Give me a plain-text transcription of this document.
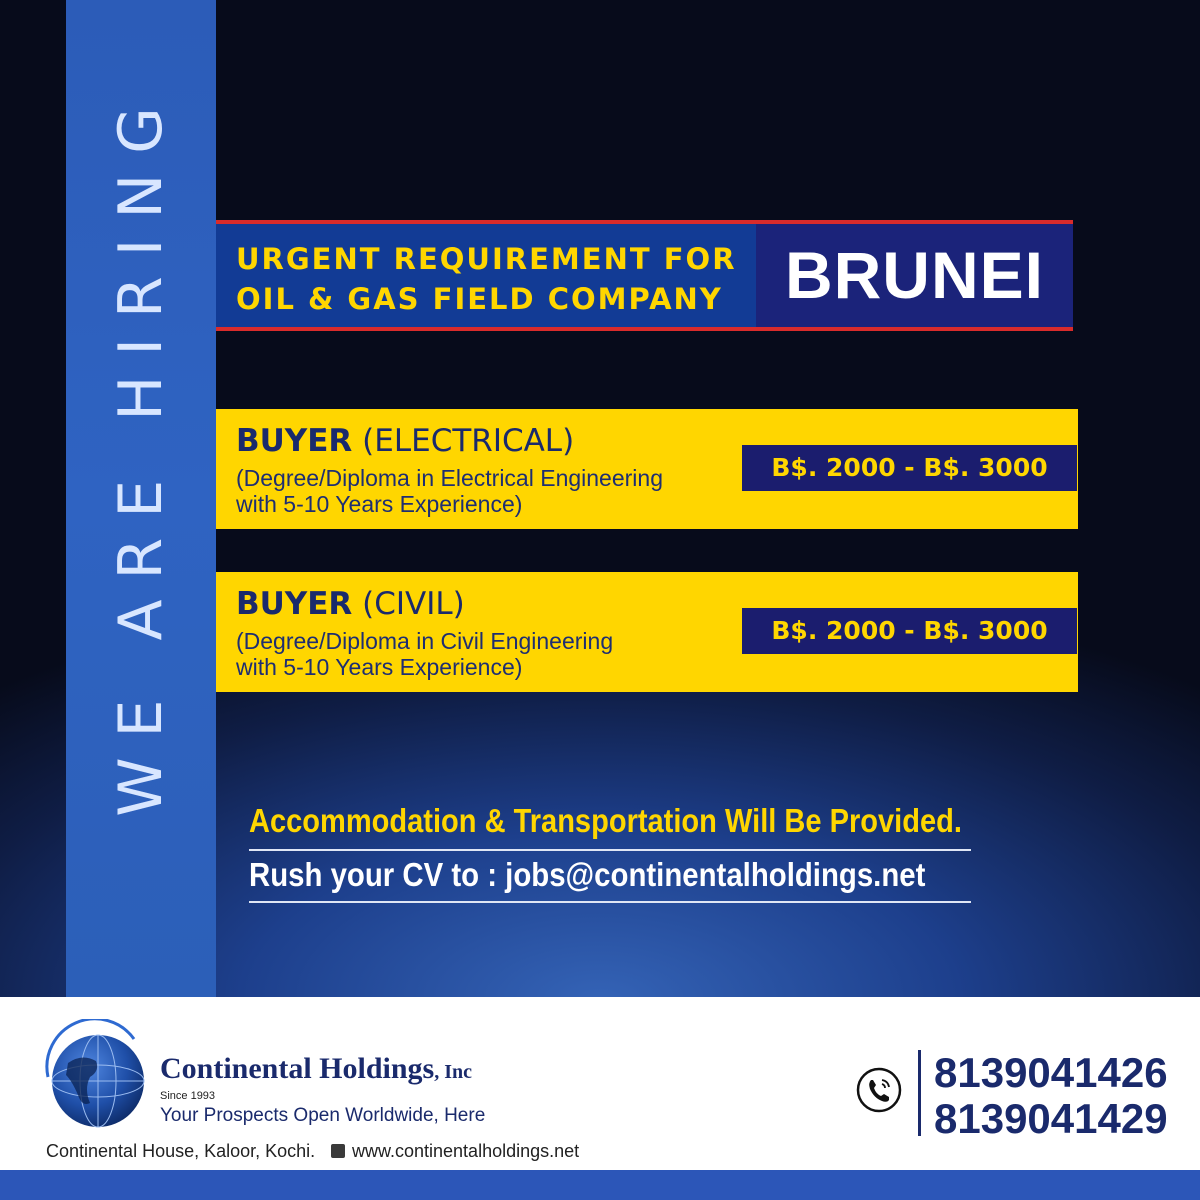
WE ARE HIRING URGENT REQUIREMENT FOR
OIL & GAS FIELD COMPANY BRUNEI
BUYER (ELECTRICAL)
(Degree/Diploma in Electrical Engineering
with 5-10 Years Experience)
B$. 2000 - B$. 3000
BUYER (CIVIL)
(Degree/Diploma in Civil Engineering
with 5-10 Years Experience)
B$. 2000 - B$. 3000
Accommodation & Transportation Will Be Provided.
Rush your CV to : jobs@continentalholdings.net
Continental Holdings, Inc
Since 1993
Your Prospects Open Worldwide, Here
Continental House, Kaloor, Kochi. www.continentalholdings.net
8139041426
8139041429
